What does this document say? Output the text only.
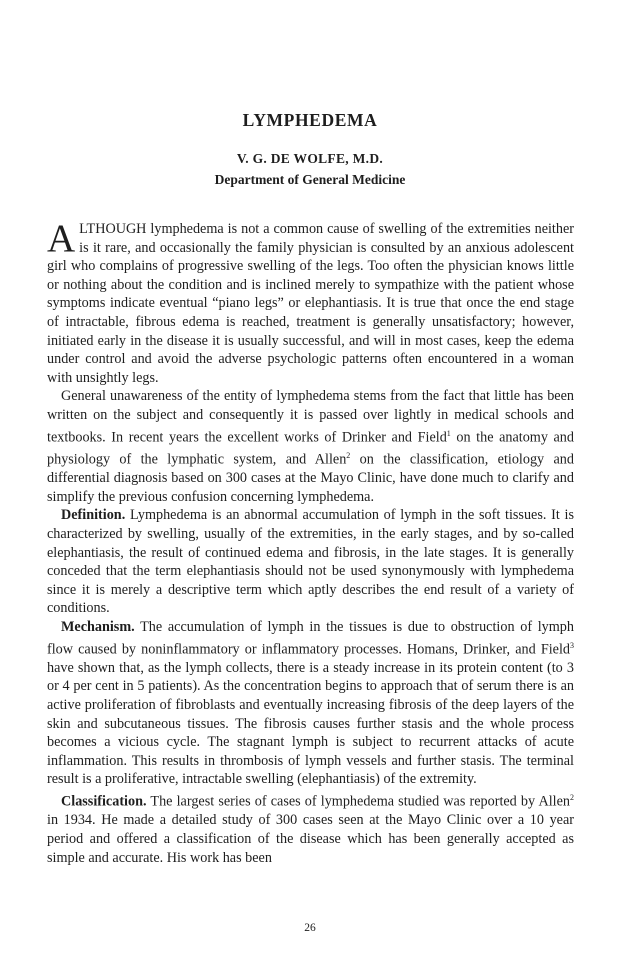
LYMPHEDEMA
V. G. DE WOLFE, M.D.
Department of General Medicine

ALTHOUGH lymphedema is not a common cause of swelling of the extremities neither is it rare, and occasionally the family physician is consulted by an anxious adolescent girl who complains of progressive swelling of the legs. Too often the physician knows little or nothing about the condition and is inclined merely to sympathize with the patient whose symptoms indicate eventual “piano legs” or elephantiasis. It is true that once the end stage of intractable, fibrous edema is reached, treatment is generally unsatisfactory; however, initiated early in the disease it is usually successful, and will in most cases, keep the edema under control and avoid the adverse psychologic patterns often encountered in a woman with unsightly legs.

General unawareness of the entity of lymphedema stems from the fact that little has been written on the subject and consequently it is passed over lightly in medical schools and textbooks. In recent years the excellent works of Drinker and Field$^1$ on the anatomy and physiology of the lymphatic system, and Allen$^2$ on the classification, etiology and differential diagnosis based on 300 cases at the Mayo Clinic, have done much to clarify and simplify the previous confusion concerning lymphedema.

Definition. Lymphedema is an abnormal accumulation of lymph in the soft tissues. It is characterized by swelling, usually of the extremities, in the early stages, and by so-called elephantiasis, the result of continued edema and fibrosis, in the late stages. It is generally conceded that the term elephantiasis should not be used synonymously with lymphedema since it is merely a descriptive term which aptly describes the end result of a variety of conditions.

Mechanism. The accumulation of lymph in the tissues is due to obstruction of lymph flow caused by noninflammatory or inflammatory processes. Homans, Drinker, and Field$^3$ have shown that, as the lymph collects, there is a steady increase in its protein content (to 3 or 4 per cent in 5 patients). As the concentration begins to approach that of serum there is an active proliferation of fibroblasts and eventually increasing fibrosis of the deep layers of the skin and subcutaneous tissues. The fibrosis causes further stasis and the whole process becomes a vicious cycle. The stagnant lymph is subject to recurrent attacks of acute inflammation. This results in thrombosis of lymph vessels and further stasis. The terminal result is a proliferative, intractable swelling (elephantiasis) of the extremity.

Classification. The largest series of cases of lymphedema studied was reported by Allen$^2$ in 1934. He made a detailed study of 300 cases seen at the Mayo Clinic over a 10 year period and offered a classification of the disease which has been generally accepted as simple and accurate. His work has been

26
